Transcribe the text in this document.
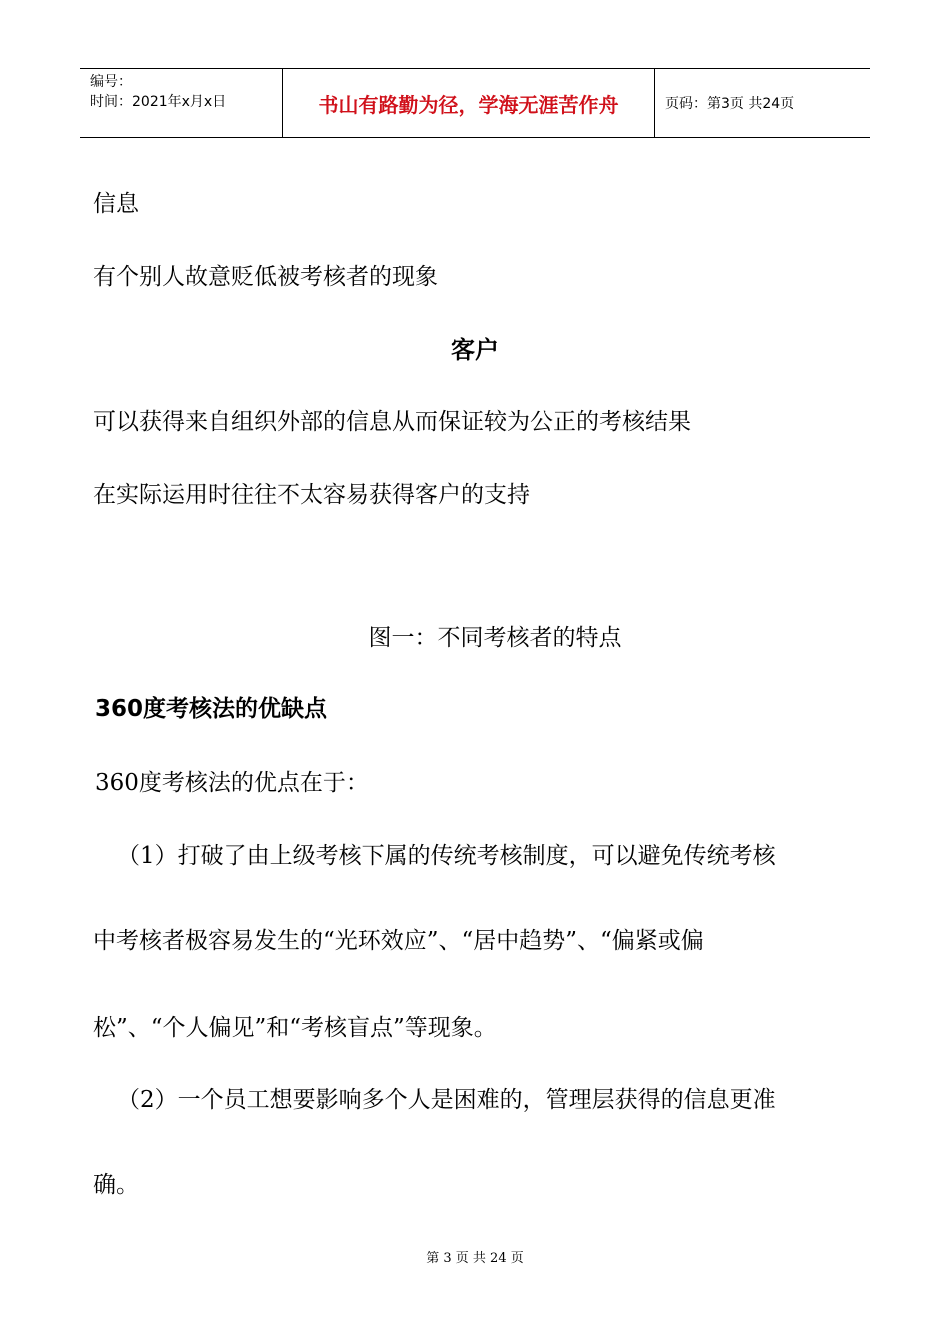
编号：
时间：2021年x月x日	书山有路勤为径，学海无涯苦作舟	页码：第3页 共24页
信息
有个别人故意贬低被考核者的现象
客户
可以获得来自组织外部的信息从而保证较为公正的考核结果
在实际运用时往往不太容易获得客户的支持
图一：不同考核者的特点
360度考核法的优缺点
360度考核法的优点在于：
（1）打破了由上级考核下属的传统考核制度，可以避免传统考核
中考核者极容易发生的“光环效应”、“居中趋势”、“偏紧或偏
松”、“个人偏见”和“考核盲点”等现象。
（2）一个员工想要影响多个人是困难的，管理层获得的信息更准
确。
第 3 页 共 24 页
